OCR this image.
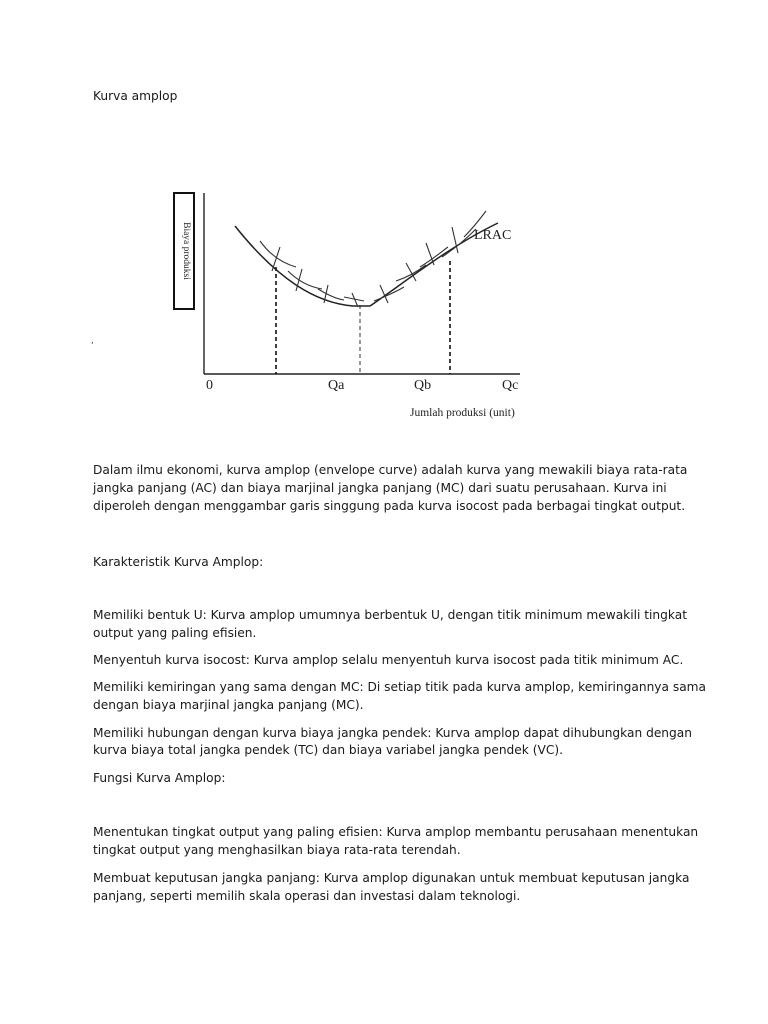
Kurva amplop
Biaya produksi	LRAC
0	Qa	Qb	Qc
Jumlah produksi (unit)
,
Dalam ilmu ekonomi, kurva amplop (envelope curve) adalah kurva yang mewakili biaya rata-rata
jangka panjang (AC) dan biaya marjinal jangka panjang (MC) dari suatu perusahaan. Kurva ini
diperoleh dengan menggambar garis singgung pada kurva isocost pada berbagai tingkat output.
Karakteristik Kurva Amplop:
Memiliki bentuk U: Kurva amplop umumnya berbentuk U, dengan titik minimum mewakili tingkat
output yang paling efisien.
Menyentuh kurva isocost: Kurva amplop selalu menyentuh kurva isocost pada titik minimum AC.
Memiliki kemiringan yang sama dengan MC: Di setiap titik pada kurva amplop, kemiringannya sama
dengan biaya marjinal jangka panjang (MC).
Memiliki hubungan dengan kurva biaya jangka pendek: Kurva amplop dapat dihubungkan dengan
kurva biaya total jangka pendek (TC) dan biaya variabel jangka pendek (VC).
Fungsi Kurva Amplop:
Menentukan tingkat output yang paling efisien: Kurva amplop membantu perusahaan menentukan
tingkat output yang menghasilkan biaya rata-rata terendah.
Membuat keputusan jangka panjang: Kurva amplop digunakan untuk membuat keputusan jangka
panjang, seperti memilih skala operasi dan investasi dalam teknologi.
